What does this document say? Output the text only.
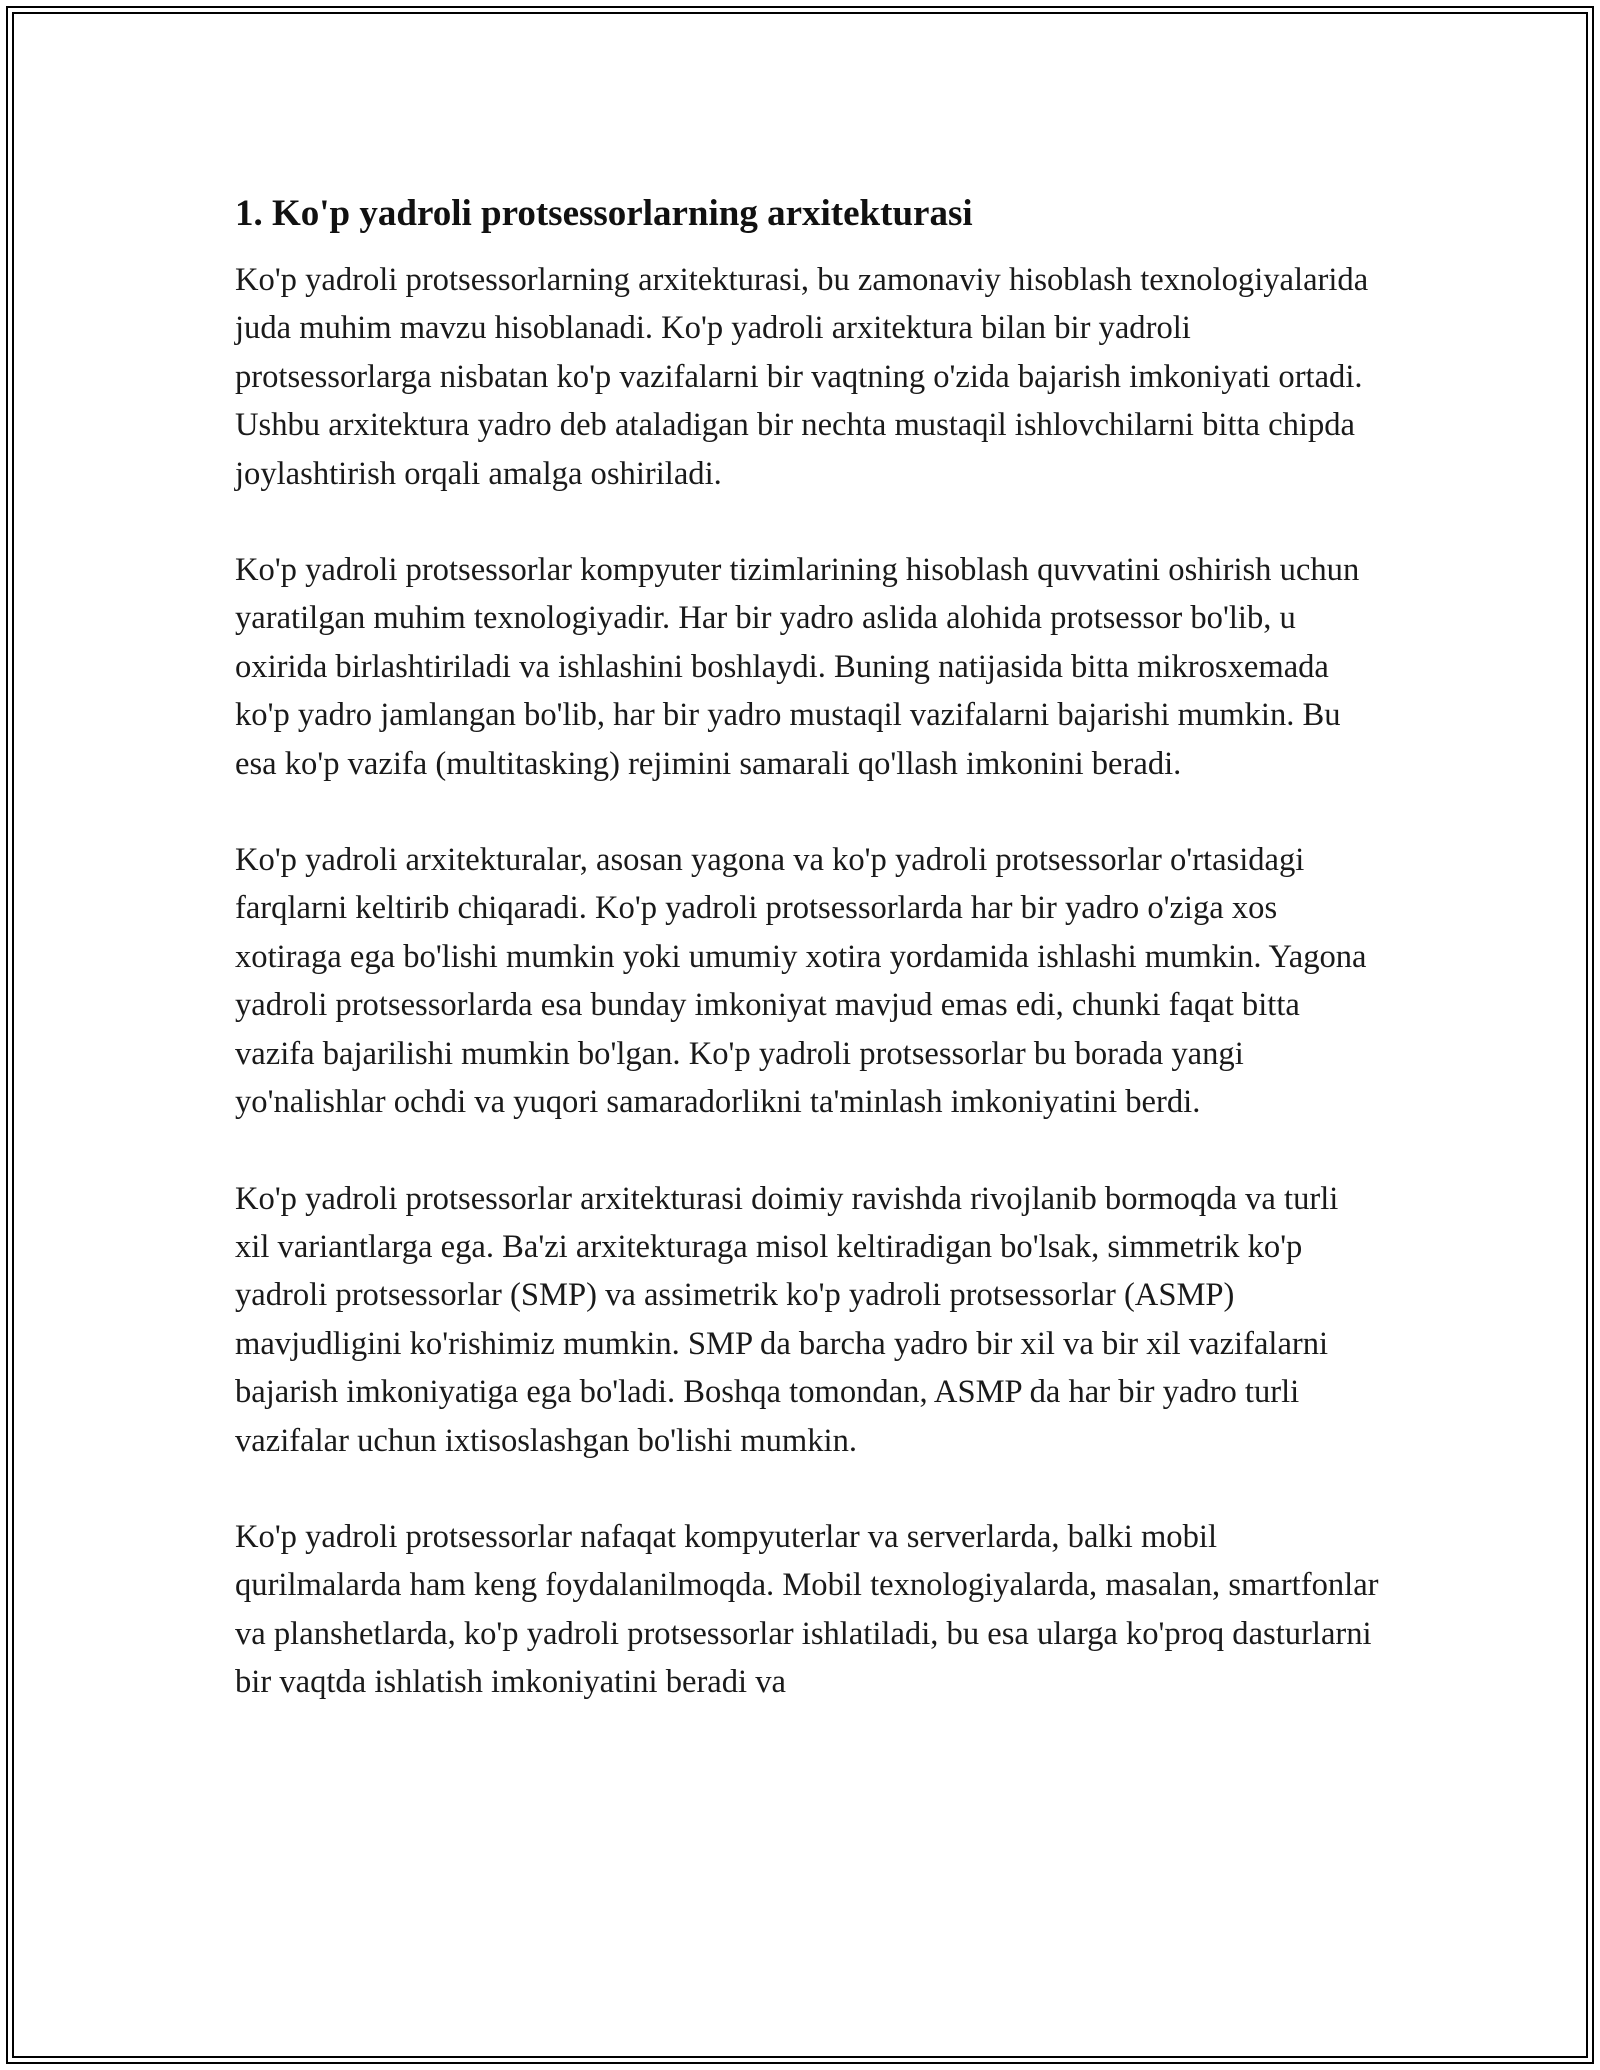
1. Ko'p yadroli protsessorlarning arxitekturasi

Ko'p yadroli protsessorlarning arxitekturasi, bu zamonaviy hisoblash texnologiyalarida juda muhim mavzu hisoblanadi. Ko'p yadroli arxitektura bilan bir yadroli protsessorlarga nisbatan ko'p vazifalarni bir vaqtning o'zida bajarish imkoniyati ortadi. Ushbu arxitektura yadro deb ataladigan bir nechta mustaqil ishlovchilarni bitta chipda joylashtirish orqali amalga oshiriladi.

Ko'p yadroli protsessorlar kompyuter tizimlarining hisoblash quvvatini oshirish uchun yaratilgan muhim texnologiyadir. Har bir yadro aslida alohida protsessor bo'lib, u oxirida birlashtiriladi va ishlashini boshlaydi. Buning natijasida bitta mikrosxemada ko'p yadro jamlangan bo'lib, har bir yadro mustaqil vazifalarni bajarishi mumkin. Bu esa ko'p vazifa (multitasking) rejimini samarali qo'llash imkonini beradi.

Ko'p yadroli arxitekturalar, asosan yagona va ko'p yadroli protsessorlar o'rtasidagi farqlarni keltirib chiqaradi. Ko'p yadroli protsessorlarda har bir yadro o'ziga xos xotiraga ega bo'lishi mumkin yoki umumiy xotira yordamida ishlashi mumkin. Yagona yadroli protsessorlarda esa bunday imkoniyat mavjud emas edi, chunki faqat bitta vazifa bajarilishi mumkin bo'lgan. Ko'p yadroli protsessorlar bu borada yangi yo'nalishlar ochdi va yuqori samaradorlikni ta'minlash imkoniyatini berdi.

Ko'p yadroli protsessorlar arxitekturasi doimiy ravishda rivojlanib bormoqda va turli xil variantlarga ega. Ba'zi arxitekturaga misol keltiradigan bo'lsak, simmetrik ko'p yadroli protsessorlar (SMP) va assimetrik ko'p yadroli protsessorlar (ASMP) mavjudligini ko'rishimiz mumkin. SMP da barcha yadro bir xil va bir xil vazifalarni bajarish imkoniyatiga ega bo'ladi. Boshqa tomondan, ASMP da har bir yadro turli vazifalar uchun ixtisoslashgan bo'lishi mumkin.

Ko'p yadroli protsessorlar nafaqat kompyuterlar va serverlarda, balki mobil qurilmalarda ham keng foydalanilmoqda. Mobil texnologiyalarda, masalan, smartfonlar va planshetlarda, ko'p yadroli protsessorlar ishlatiladi, bu esa ularga ko'proq dasturlarni bir vaqtda ishlatish imkoniyatini beradi va
